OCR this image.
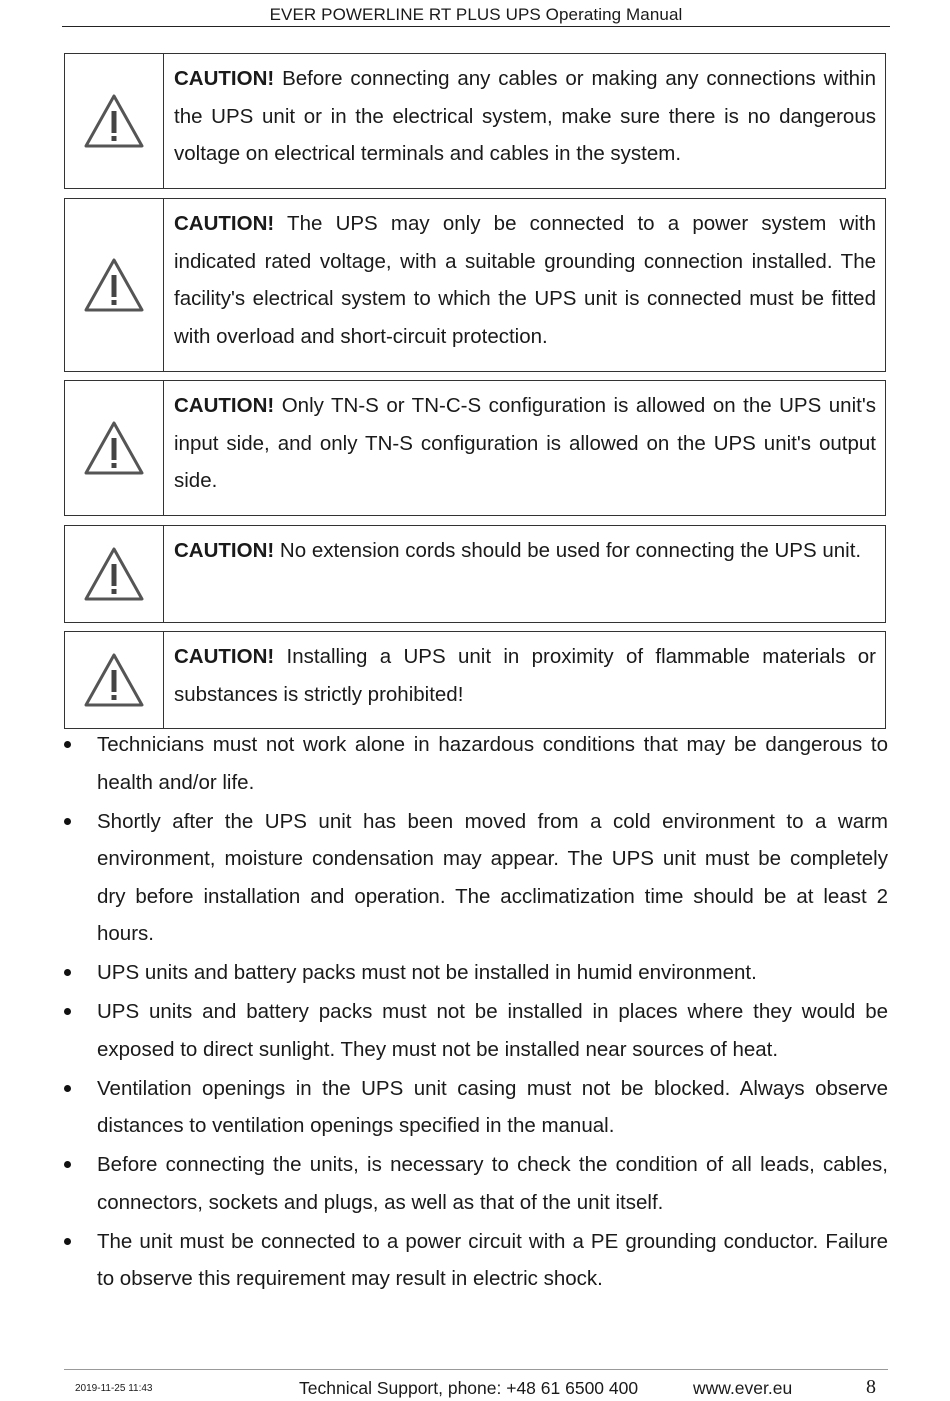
EVER POWERLINE RT PLUS UPS Operating Manual
CAUTION! Before connecting any cables or making any connections within the UPS unit or in the electrical system, make sure there is no dangerous voltage on electrical terminals and cables in the system.
CAUTION! The UPS may only be connected to a power system with indicated rated voltage, with a suitable grounding connection installed. The facility's electrical system to which the UPS unit is connected must be fitted with overload and short-circuit protection.
CAUTION! Only TN-S or TN-C-S configuration is allowed on the UPS unit's input side, and only TN-S configuration is allowed on the UPS unit's output side.
CAUTION! No extension cords should be used for connecting the UPS unit.
CAUTION! Installing a UPS unit in proximity of flammable materials or substances is strictly prohibited!
Technicians must not work alone in hazardous conditions that may be dangerous to health and/or life.
Shortly after the UPS unit has been moved from a cold environment to a warm environment, moisture condensation may appear. The UPS unit must be completely dry before installation and operation. The acclimatization time should be at least 2 hours.
UPS units and battery packs must not be installed in humid environment.
UPS units and battery packs must not be installed in places where they would be exposed to direct sunlight. They must not be installed near sources of heat.
Ventilation openings in the UPS unit casing must not be blocked. Always observe distances to ventilation openings specified in the manual.
Before connecting the units, is necessary to check the condition of all leads, cables, connectors, sockets and plugs, as well as that of the unit itself.
The unit must be connected to a power circuit with a PE grounding conductor. Failure to observe this requirement may result in electric shock.
2019-11-25 11:43	Technical Support, phone: +48 61 6500 400	www.ever.eu	8
